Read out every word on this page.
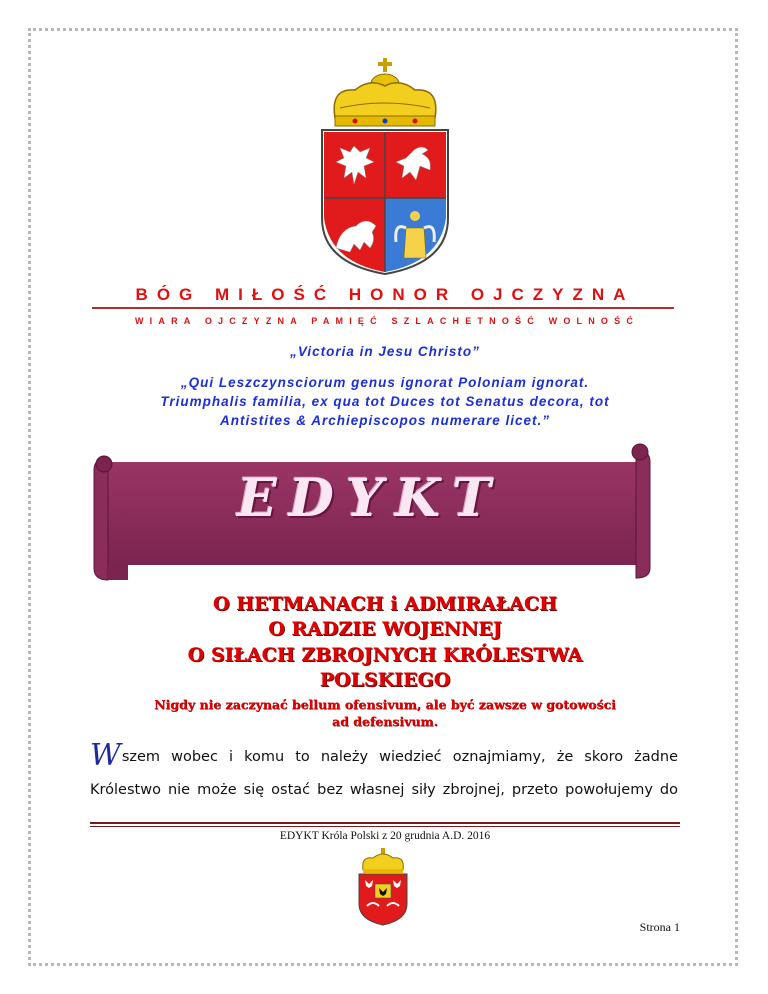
BÓG MIŁOŚĆ HONOR OJCZYZNA
WIARA OJCZYZNA PAMIĘĆ SZLACHETNOŚĆ WOLNOŚĆ
„Victoria in Jesu Christo”
„Qui Leszczynsciorum genus ignorat Poloniam ignorat.
Triumphalis familia, ex qua tot Duces tot Senatus decora, tot
Antistites & Archiepiscopos numerare licet.”
EDYKT
O HETMANACH i ADMIRAŁACH
O RADZIE WOJENNEJ
O SIŁACH ZBROJNYCH KRÓLESTWA
POLSKIEGO
Nigdy nie zaczynać bellum ofensivum, ale być zawsze w gotowości
ad defensivum.
Wszem wobec i komu to należy wiedzieć oznajmiamy, że skoro żadne
Królestwo nie może się ostać bez własnej siły zbrojnej, przeto powołujemy do
EDYKT Króla Polski z 20 grudnia A.D. 2016
Strona 1
